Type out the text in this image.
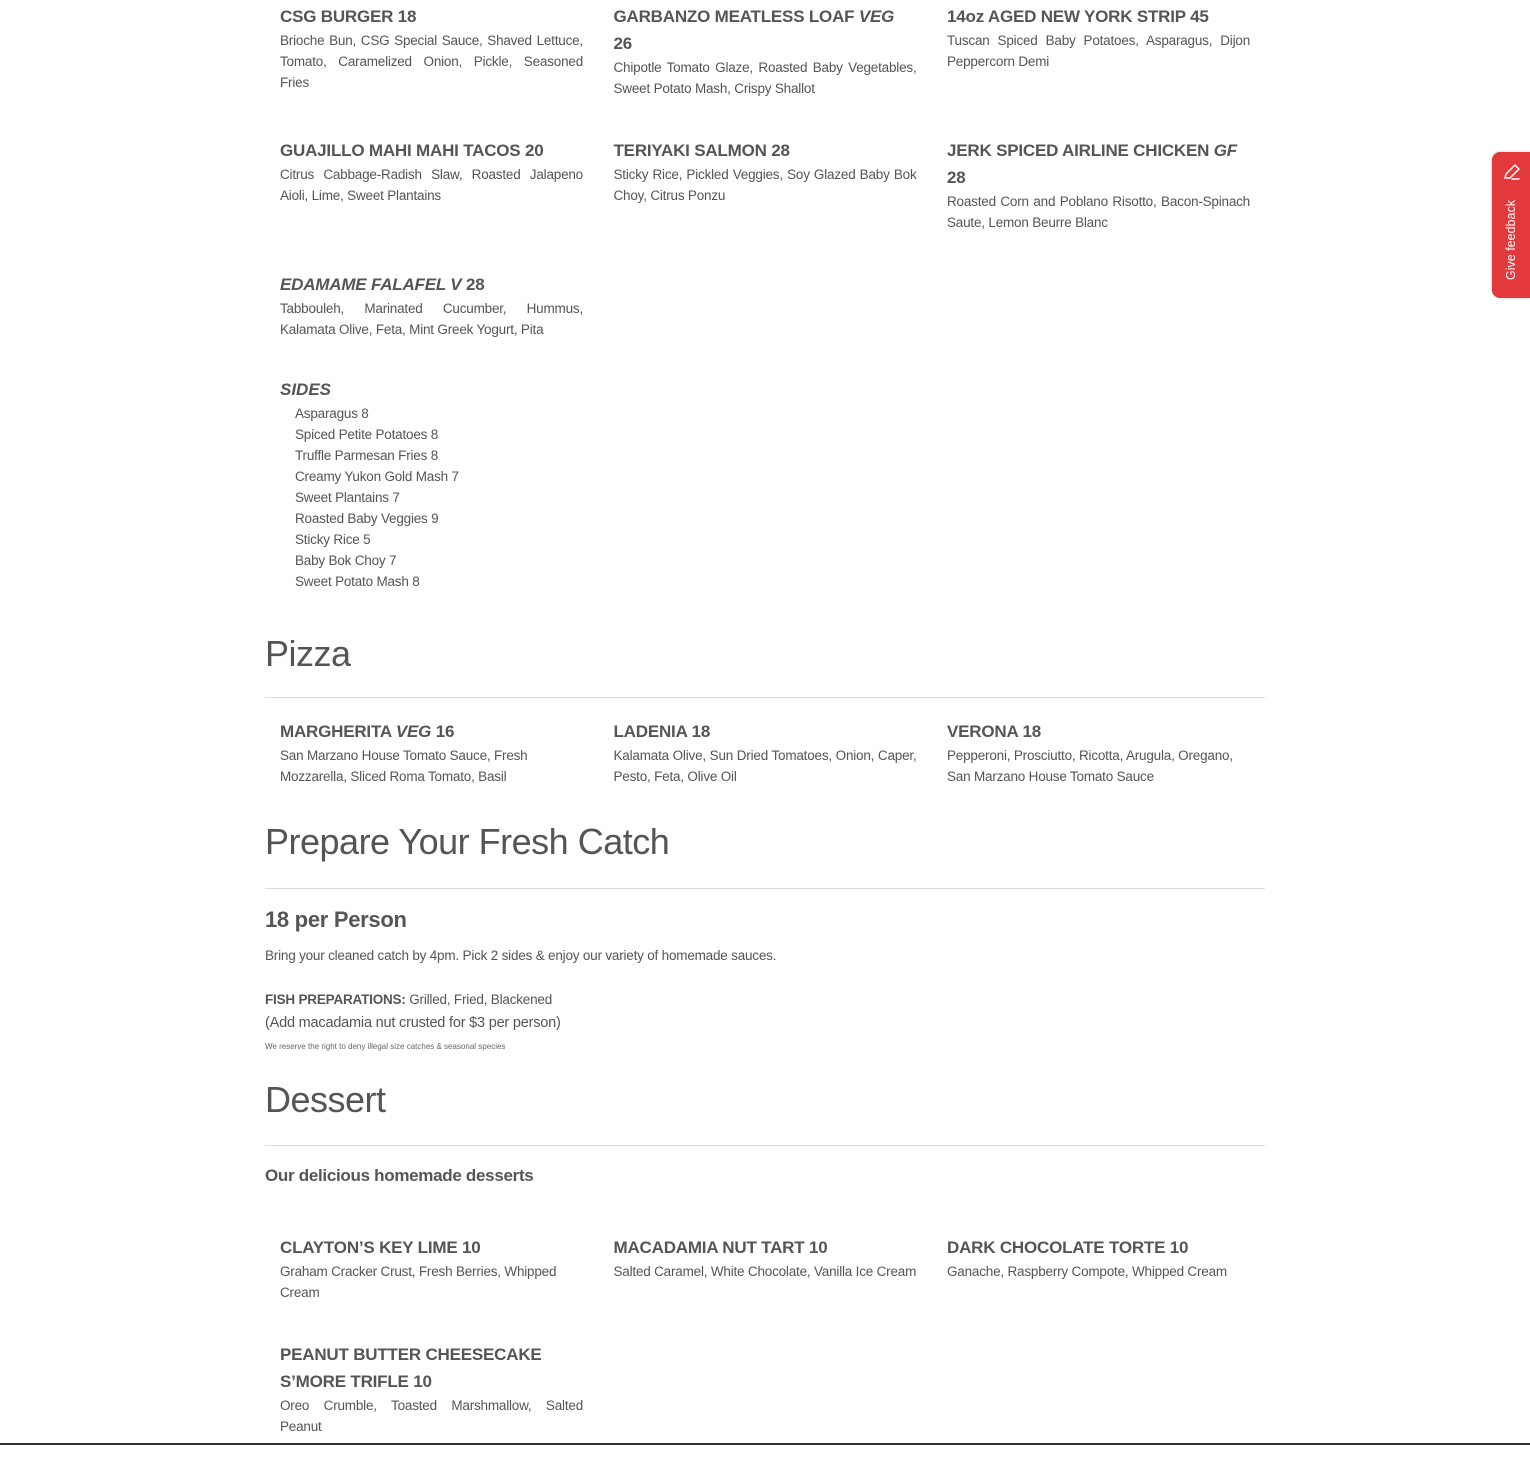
CSG BURGER 18

Brioche Bun, CSG Special Sauce, Shaved Lettuce, Tomato, Caramelized Onion, Pickle, Seasoned Fries

GARBANZO MEATLESS LOAF VEG 26

Chipotle Tomato Glaze, Roasted Baby Vegetables, Sweet Potato Mash, Crispy Shallot

14oz AGED NEW YORK STRIP 45

Tuscan Spiced Baby Potatoes, Asparagus, Dijon Peppercorn Demi

GUAJILLO MAHI MAHI TACOS 20

Citrus Cabbage-Radish Slaw, Roasted Jalapeno Aioli, Lime, Sweet Plantains

TERIYAKI SALMON 28

Sticky Rice, Pickled Veggies, Soy Glazed Baby Bok Choy, Citrus Ponzu

JERK SPICED AIRLINE CHICKEN GF 28

Roasted Corn and Poblano Risotto, Bacon-Spinach Saute, Lemon Beurre Blanc

EDAMAME FALAFEL V 28

Tabbouleh, Marinated Cucumber, Hummus, Kalamata Olive, Feta, Mint Greek Yogurt, Pita

SIDES
Asparagus 8
Spiced Petite Potatoes 8
Truffle Parmesan Fries 8
Creamy Yukon Gold Mash 7
Sweet Plantains 7
Roasted Baby Veggies 9
Sticky Rice 5
Baby Bok Choy 7
Sweet Potato Mash 8
Pizza
MARGHERITA VEG 16

San Marzano House Tomato Sauce, Fresh Mozzarella, Sliced Roma Tomato, Basil

LADENIA 18

Kalamata Olive, Sun Dried Tomatoes, Onion, Caper, Pesto, Feta, Olive Oil

VERONA 18

Pepperoni, Prosciutto, Ricotta, Arugula, Oregano, San Marzano House Tomato Sauce

Prepare Your Fresh Catch
18 per Person

Bring your cleaned catch by 4pm. Pick 2 sides & enjoy our variety of homemade sauces.

FISH PREPARATIONS: Grilled, Fried, Blackened

(Add macadamia nut crusted for $3 per person)

We reserve the right to deny illegal size catches & seasonal species

Dessert
Our delicious homemade desserts
CLAYTON’S KEY LIME 10

Graham Cracker Crust, Fresh Berries, Whipped Cream

MACADAMIA NUT TART 10

Salted Caramel, White Chocolate, Vanilla Ice Cream

DARK CHOCOLATE TORTE 10

Ganache, Raspberry Compote, Whipped Cream

PEANUT BUTTER CHEESECAKE S’MORE TRIFLE 10

Oreo Crumble, Toasted Marshmallow, Salted Peanut

Give feedback
